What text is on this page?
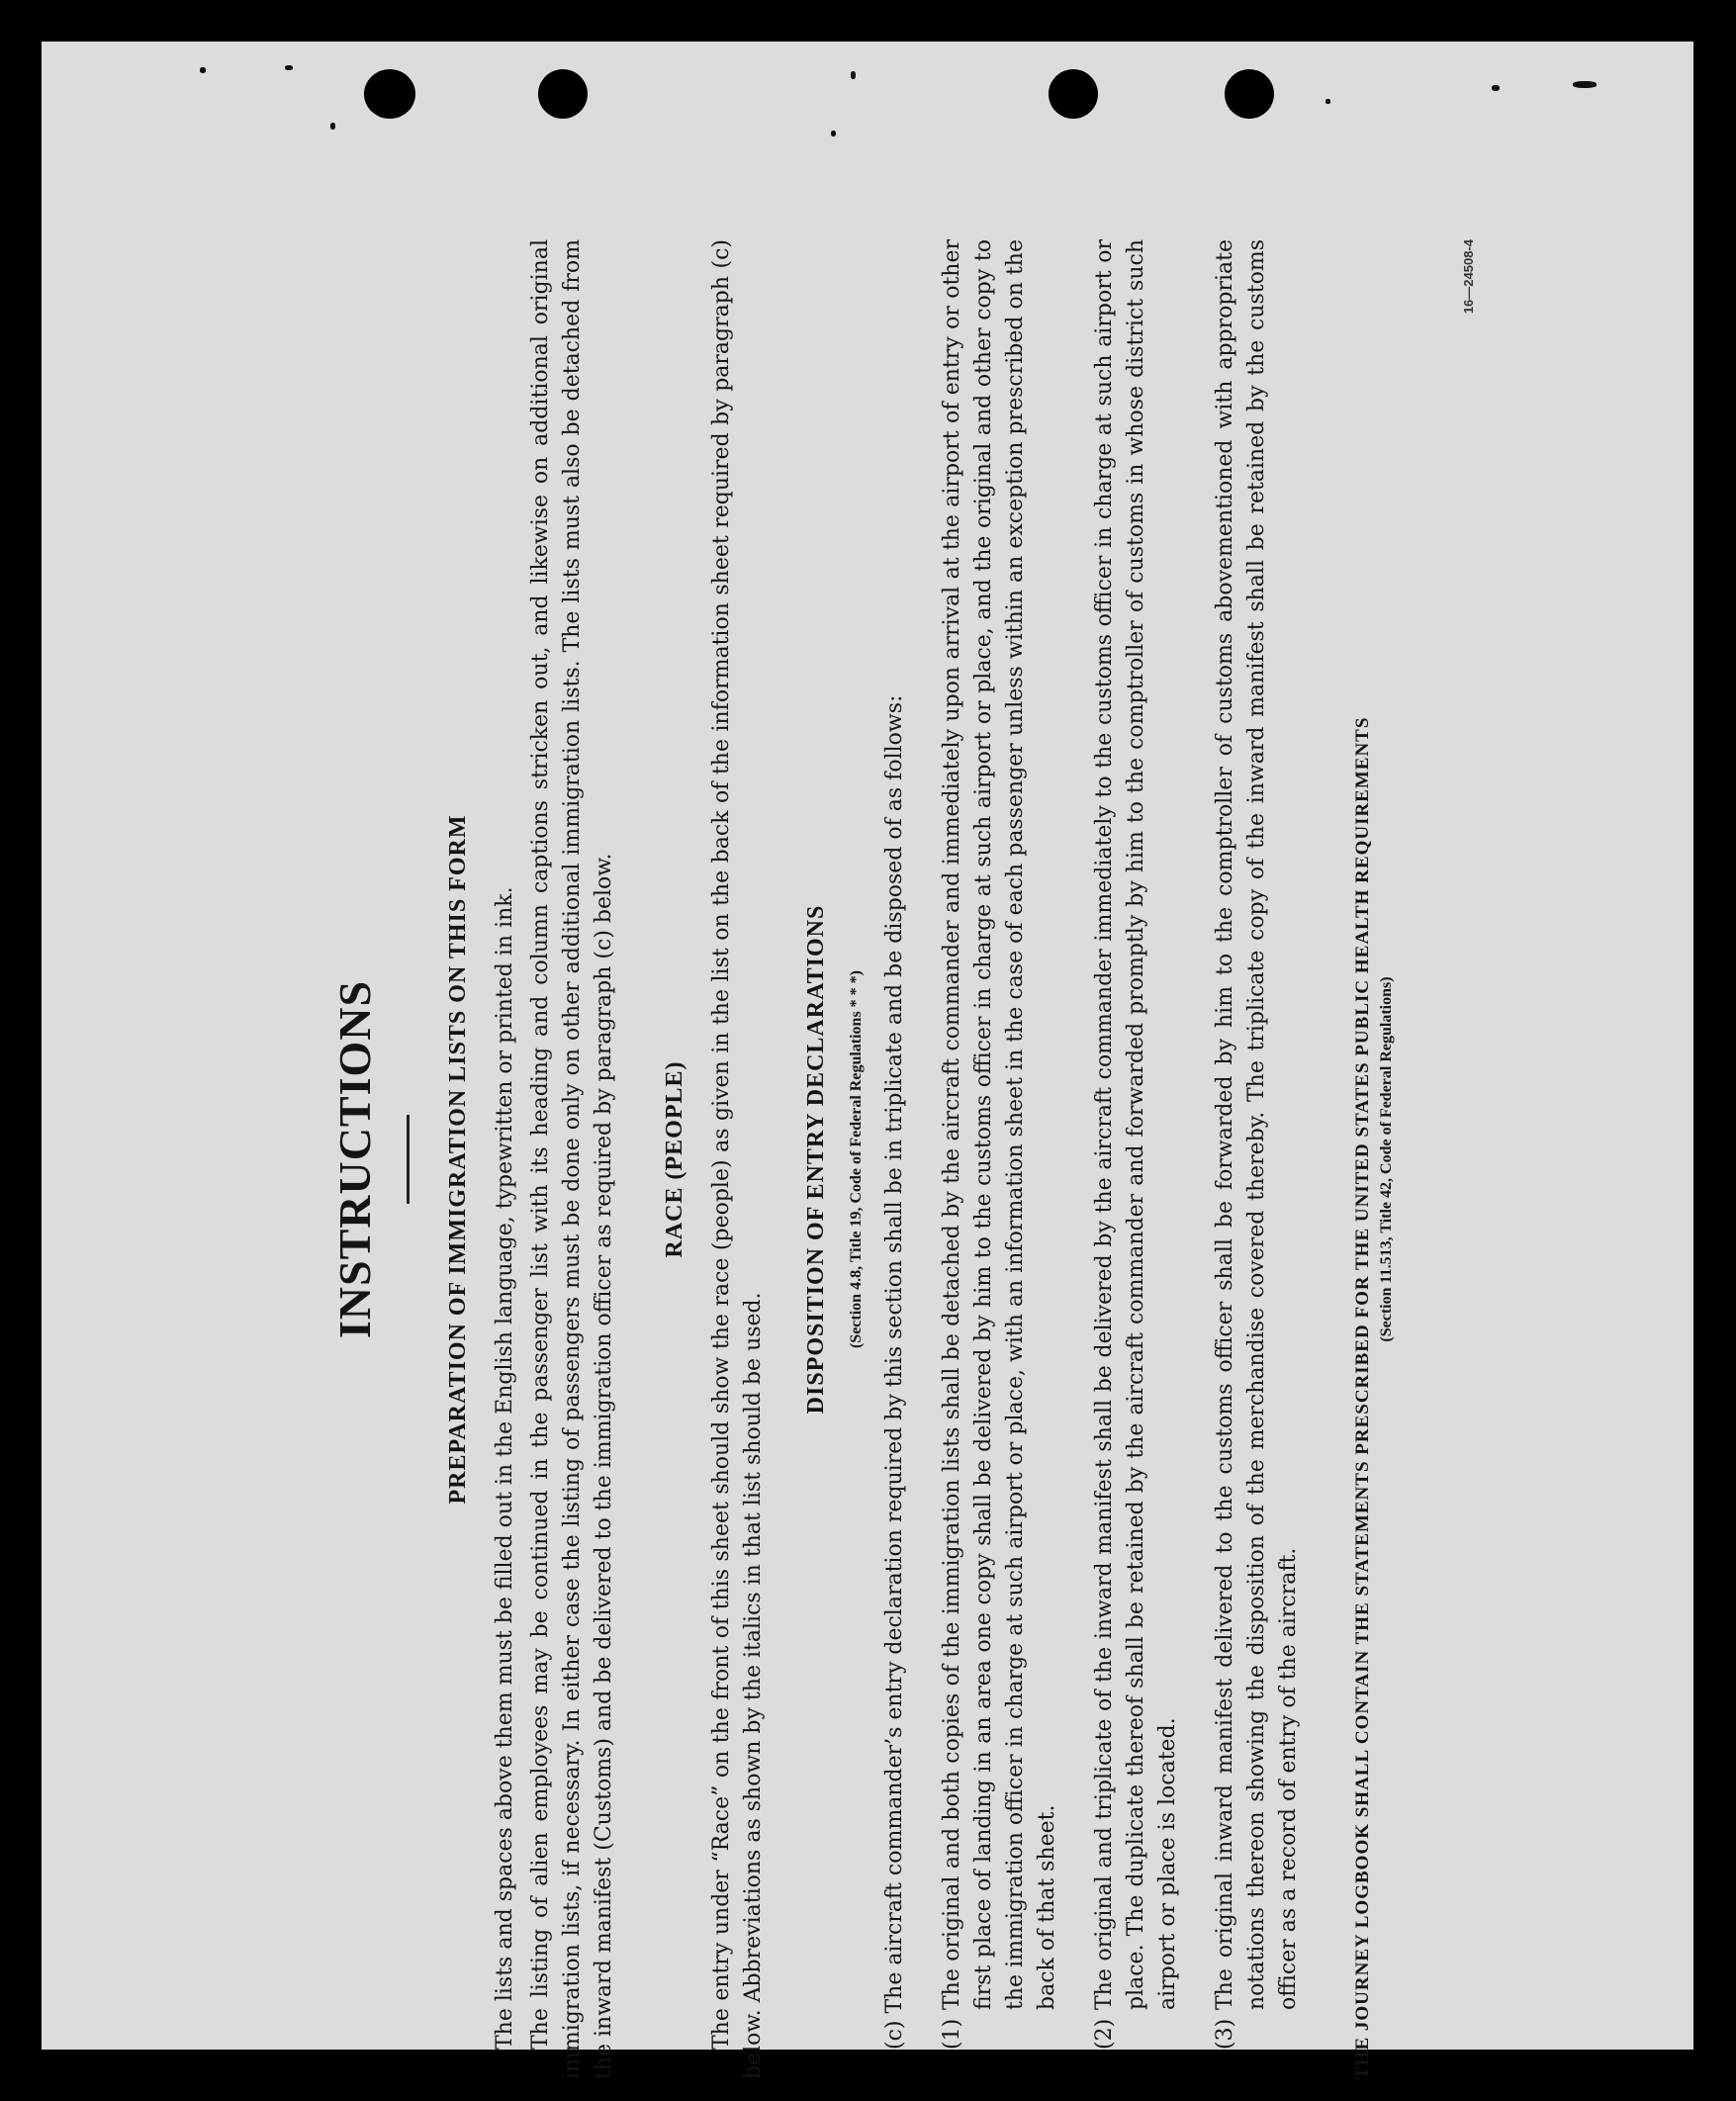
INSTRUCTIONS	PREPARATION OF IMMIGRATION LISTS ON THIS FORM The lists and spaces above them must be filled out in the English language, typewritten or printed in ink. The listing of alien employees may be continued in the passenger list with its heading and column captions stricken out, and likewise on additional original immigration lists, if necessary. In either case the listing of passengers must be done only on other additional immigration lists. The lists must also be detached from the inward manifest (Customs) and be delivered to the immigration officer as required by paragraph (c) below. RACE (PEOPLE) The entry under “Race” on the front of this sheet should show the race (people) as given in the list on the back of the information sheet required by paragraph (c) below. Abbreviations as shown by the italics in that list should be used.

DISPOSITION OF ENTRY DECLARATIONS (Section 4.8, Title 19, Code of Federal Regulations * * *) (c) The aircraft commander’s entry declaration required by this section shall be in triplicate and be disposed of as follows: (1)
The original and both copies of the immigration lists shall be detached by the aircraft commander and immediately upon arrival at the airport of entry or other first place of landing in an area one copy shall be delivered by him to the customs officer in charge at such airport or place, and the original and other copy to the immigration officer in charge at such airport or place, with an information sheet in the case of each passenger unless within an exception prescribed on the back of that sheet.
(2)
The original and triplicate of the inward manifest shall be delivered by the aircraft commander immediately to the customs officer in charge at such airport or place. The duplicate thereof shall be retained by the aircraft commander and forwarded promptly by him to the comptroller of customs in whose district such airport or place is located.
(3)
The original inward manifest delivered to the customs officer shall be forwarded by him to the comptroller of customs abovementioned with appropriate notations thereon showing the disposition of the merchandise covered thereby. The triplicate copy of the inward manifest shall be retained by the customs officer as a record of entry of the aircraft.	THE JOURNEY LOGBOOK SHALL CONTAIN THE STATEMENTS PRESCRIBED FOR THE UNITED STATES PUBLIC HEALTH REQUIREMENTS (Section 11.513, Title 42, Code of Federal Regulations)
16—24508-4
